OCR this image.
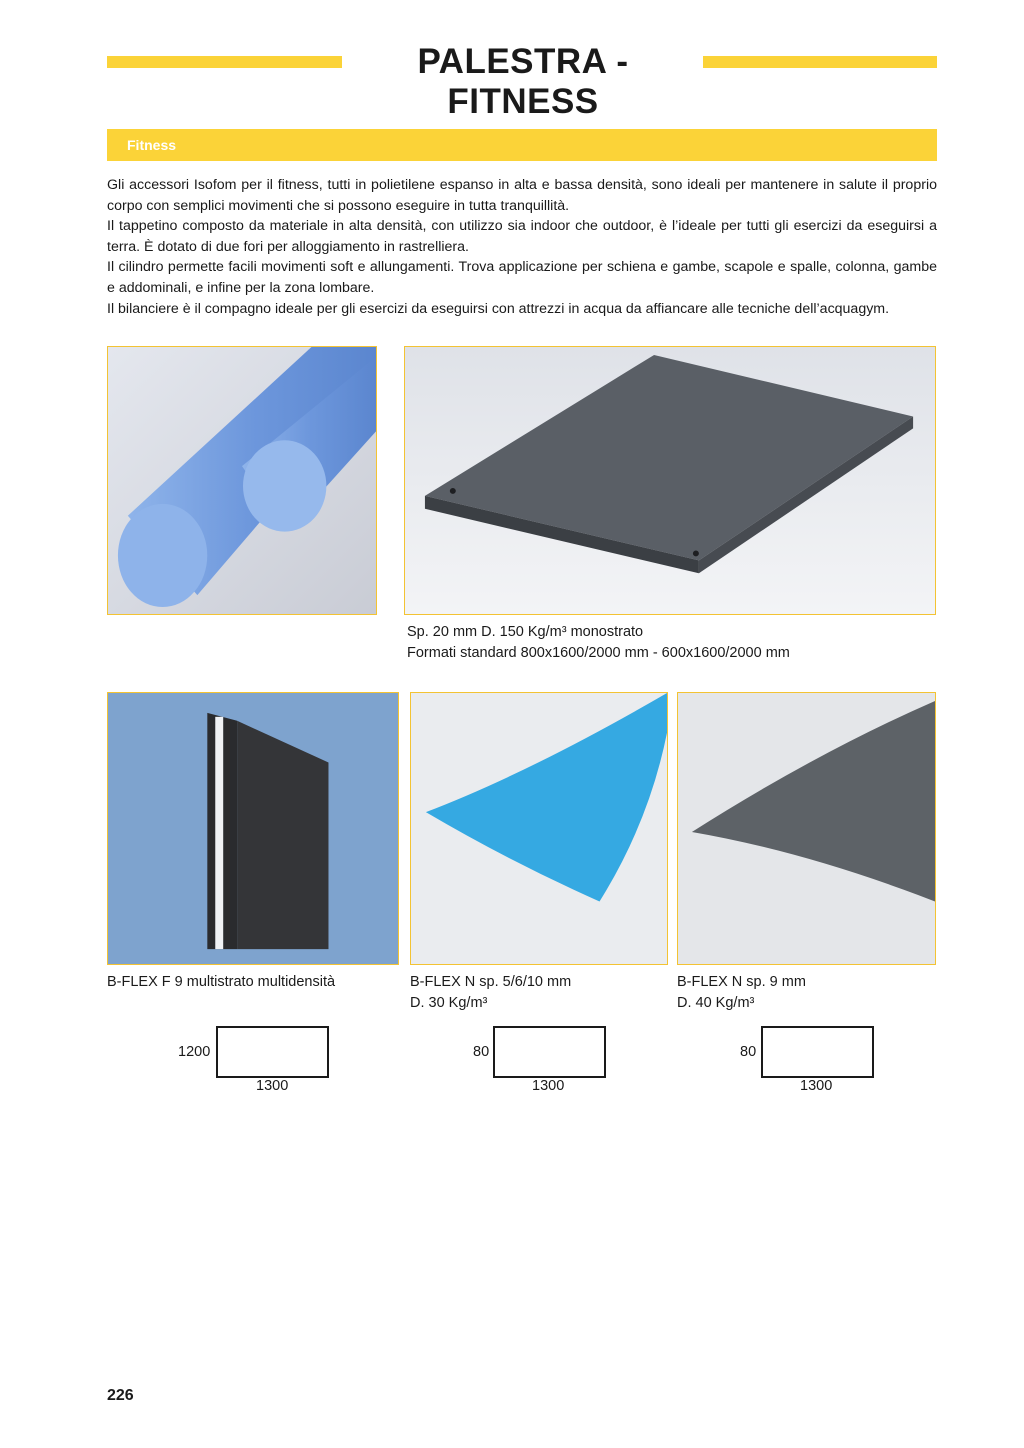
PALESTRA - FITNESS
Fitness

Gli accessori Isofom per il fitness, tutti in polietilene espanso in alta e bassa densità, sono ideali per mantenere in salute il proprio corpo con semplici movimenti che si possono eseguire in tutta tranquillità.

Il tappetino composto da materiale in alta densità, con utilizzo sia indoor che outdoor, è l’ideale per tutti gli esercizi da eseguirsi a terra. È dotato di due fori per alloggiamento in rastrelliera.

Il cilindro permette facili movimenti soft e allungamenti. Trova applicazione per schiena e gambe, scapole e spalle, colonna, gambe e addominali, e infine per la zona lombare.

Il bilanciere è il compagno ideale per gli esercizi da eseguirsi con attrezzi in acqua da affiancare alle tecniche dell’acquagym.

Sp. 20 mm D. 150 Kg/m³ monostrato
Formati standard 800x1600/2000 mm - 600x1600/2000 mm
B-FLEX F 9 multistrato multidensità
1200
1300
B-FLEX N sp. 5/6/10 mm
D. 30 Kg/m³
80
1300
B-FLEX N sp. 9 mm
D. 40 Kg/m³
80
1300
226
